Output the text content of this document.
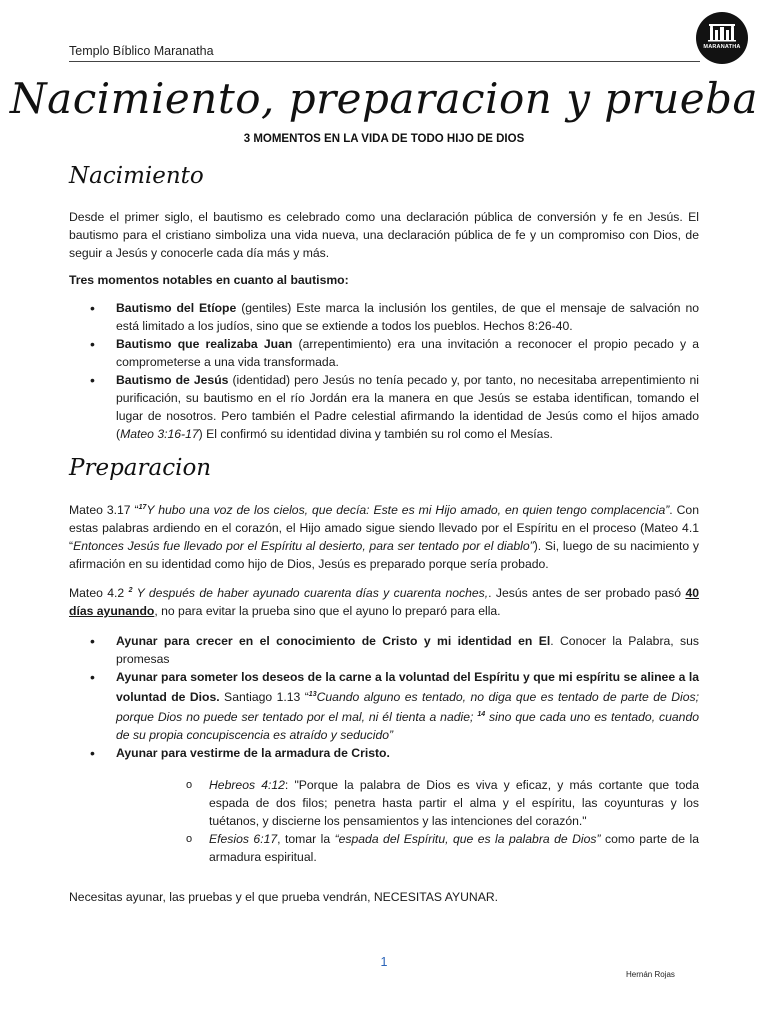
Templo Bíblico Maranatha	MARANATHA
Nacimiento, preparacion y prueba
3 MOMENTOS EN LA VIDA DE TODO HIJO DE DIOS
Nacimiento

Desde el primer siglo, el bautismo es celebrado como una declaración pública de conversión y fe en Jesús. El bautismo para el cristiano simboliza una vida nueva, una declaración pública de fe y un compromiso con Dios, de seguir a Jesús y conocerle cada día más y más.

Tres momentos notables en cuanto al bautismo:

• Bautismo del Etíope (gentiles) Este marca la inclusión los gentiles, de que el mensaje de salvación no está limitado a los judíos, sino que se extiende a todos los pueblos. Hechos 8:26-40.
• Bautismo que realizaba Juan (arrepentimiento) era una invitación a reconocer el propio pecado y a comprometerse a una vida transformada.
• Bautismo de Jesús (identidad) pero Jesús no tenía pecado y, por tanto, no necesitaba arrepentimiento ni purificación, su bautismo en el río Jordán era la manera en que Jesús se estaba identifican, tomando el lugar de nosotros. Pero también el Padre celestial afirmando la identidad de Jesús como el hijos amado (Mateo 3:16-17) El confirmó su identidad divina y también su rol como el Mesías.
Preparacion

Mateo 3.17 “$^{17}$Y hubo una voz de los cielos, que decía: Este es mi Hijo amado, en quien tengo complacencia”. Con estas palabras ardiendo en el corazón, el Hijo amado sigue siendo llevado por el Espíritu en el proceso (Mateo 4.1 “Entonces Jesús fue llevado por el Espíritu al desierto, para ser tentado por el diablo”). Si, luego de su nacimiento y afirmación en su identidad como hijo de Dios, Jesús es preparado porque sería probado.

Mateo 4.2 $^2$ Y después de haber ayunado cuarenta días y cuarenta noches,. Jesús antes de ser probado pasó 40 días ayunando, no para evitar la prueba sino que el ayuno lo preparó para ella.

• Ayunar para crecer en el conocimiento de Cristo y mi identidad en El. Conocer la Palabra, sus promesas
• Ayunar para someter los deseos de la carne a la voluntad del Espíritu y que mi espíritu se alinee a la voluntad de Dios. Santiago 1.13 “$^{13}$Cuando alguno es tentado, no diga que es tentado de parte de Dios; porque Dios no puede ser tentado por el mal, ni él tienta a nadie; $^{14}$ sino que cada uno es tentado, cuando de su propia concupiscencia es atraído y seducido”
• Ayunar para vestirme de la armadura de Cristo.
o Hebreos 4:12: "Porque la palabra de Dios es viva y eficaz, y más cortante que toda espada de dos filos; penetra hasta partir el alma y el espíritu, las coyunturas y los tuétanos, y discierne los pensamientos y las intenciones del corazón."
o Efesios 6:17, tomar la “espada del Espíritu, que es la palabra de Dios” como parte de la armadura espiritual.
Necesitas ayunar, las pruebas y el que prueba vendrán, NECESITAS AYUNAR.
1
Hernán Rojas
